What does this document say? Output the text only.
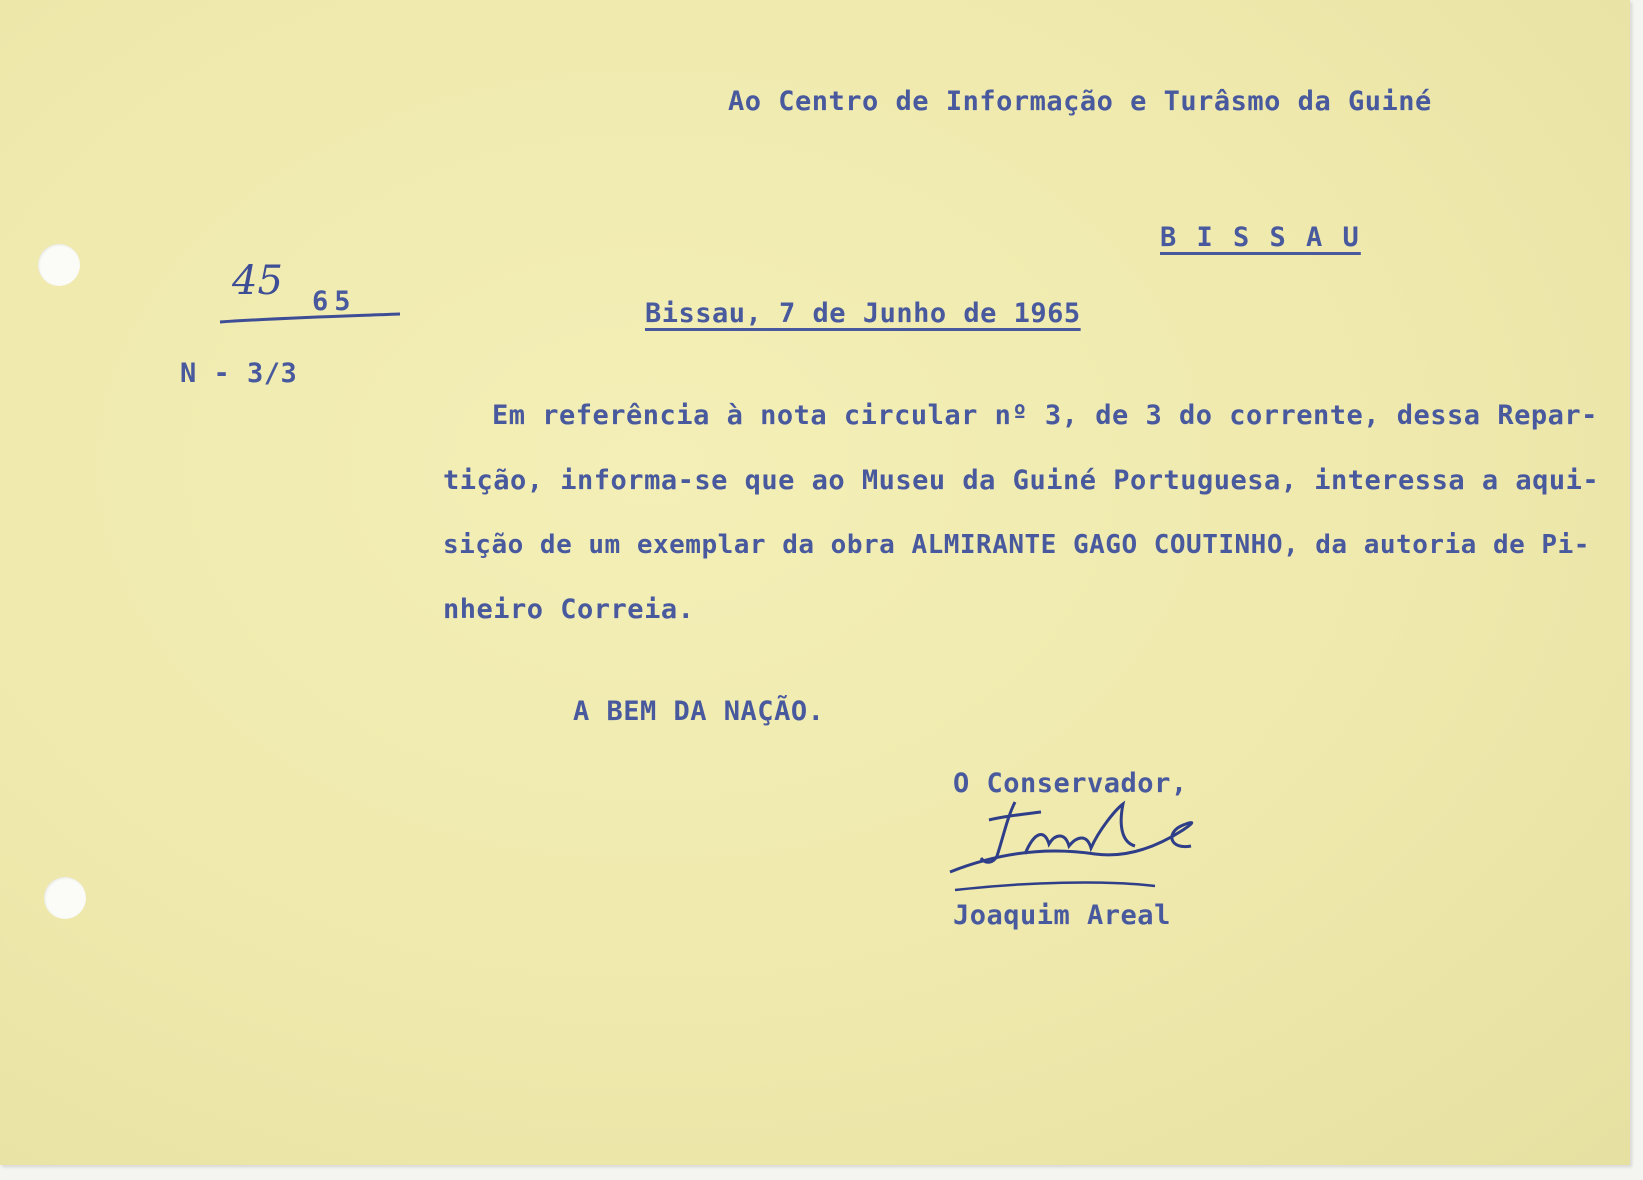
Ao Centro de Informação e Turâsmo da Guiné
B I S S A U
45 65
N - 3/3
Bissau, 7 de Junho de 1965
Em referência à nota circular nº 3, de 3 do corrente, dessa Repar-
tição, informa-se que ao Museu da Guiné Portuguesa, interessa a aqui-
sição de um exemplar da obra ALMIRANTE GAGO COUTINHO, da autoria de Pi-
nheiro Correia.
A BEM DA NAÇÃO.
O Conservador,
Joaquim Areal
